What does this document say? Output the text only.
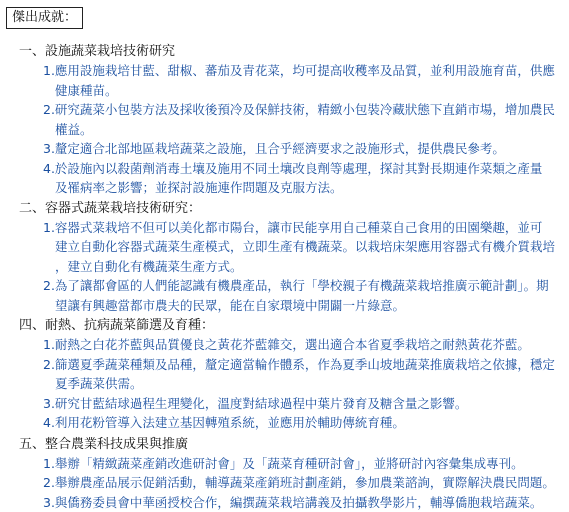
傑出成就：
一、設施蔬菜栽培技術研究
1.應用設施栽培甘藍、甜椒、蕃茄及青花菜，均可提高收穫率及品質，並利用設施育苗，供應
健康種苗。
2.研究蔬菜小包裝方法及採收後預冷及保鮮技術，精緻小包裝冷藏狀態下直銷市場，增加農民
權益。
3.釐定適合北部地區栽培蔬菜之設施，且合乎經濟要求之設施形式，提供農民參考。
4.於設施內以殺菌劑消毒土壤及施用不同土壤改良劑等處理，探討其對長期連作菜類之產量
及罹病率之影響；並探討設施連作問題及克服方法。
二、容器式蔬菜栽培技術研究：
1.容器式菜栽培不但可以美化都市陽台，讓市民能享用自己種菜自己食用的田園樂趣，並可
建立自動化容器式蔬菜生產模式，立即生產有機蔬菜。以栽培床架應用容器式有機介質栽培
，建立自動化有機蔬菜生產方式。
2.為了讓都會區的人們能認識有機農產品，執行「學校親子有機蔬菜栽培推廣示範計劃」。期
望讓有興趣當都市農夫的民眾，能在自家環境中開闢一片綠意。
四、耐熱、抗病蔬菜篩選及育種：
1.耐熱之白花芥藍與品質優良之黃花芥藍雜交，選出適合本省夏季栽培之耐熱黃花芥藍。
2.篩選夏季蔬菜種類及品種，釐定適當輪作體系，作為夏季山坡地蔬菜推廣栽培之依據，穩定
夏季蔬菜供需。
3.研究甘藍結球過程生理變化，溫度對結球過程中葉片發育及糖含量之影響。
4.利用花粉管導入法建立基因轉殖系統，並應用於輔助傳統育種。
五、整合農業科技成果與推廣
1.舉辦「精緻蔬菜產銷改進研討會」及「蔬菜育種研討會」，並將研討內容彙集成專刊。
2.舉辦農產品展示促銷活動，輔導蔬菜產銷班討劃產銷，參加農業諮詢，實際解決農民問題。
3.與僑務委員會中華函授校合作，編撰蔬菜栽培講義及拍攝教學影片，輔導僑胞栽培蔬菜。
